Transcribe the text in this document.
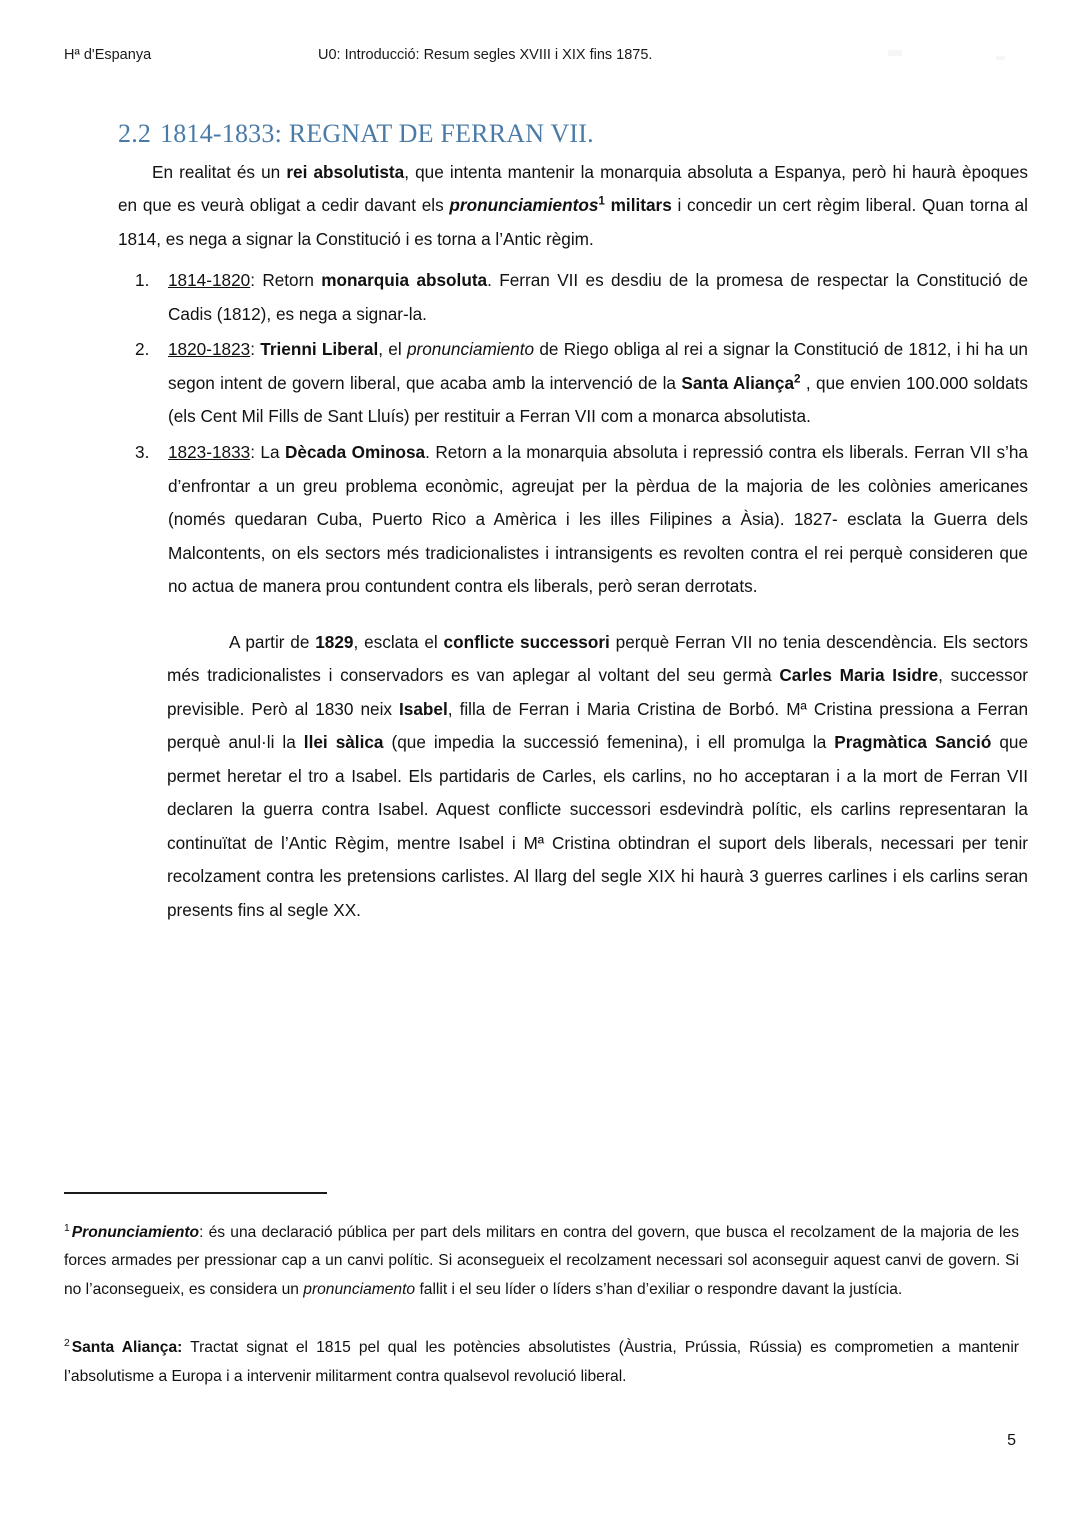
Hª d'Espanya	U0: Introducció: Resum segles XVIII i XIX fins 1875.
2.2 1814-1833: REGNAT DE FERRAN VII.

En realitat és un rei absolutista, que intenta mantenir la monarquia absoluta a Espanya, però hi haurà èpoques en que es veurà obligat a cedir davant els pronunciamientos$^1$ militars i concedir un cert règim liberal. Quan torna al 1814, es nega a signar la Constitució i es torna a l’Antic règim.

1814-1820: Retorn monarquia absoluta. Ferran VII es desdiu de la promesa de respectar la Constitució de Cadis (1812), es nega a signar-la.
1820-1823: Trienni Liberal, el pronunciamiento de Riego obliga al rei a signar la Constitució de 1812, i hi ha un segon intent de govern liberal, que acaba amb la intervenció de la Santa Aliança$^2$ , que envien 100.000 soldats (els Cent Mil Fills de Sant Lluís) per restituir a Ferran VII com a monarca absolutista.
1823-1833: La Dècada Ominosa. Retorn a la monarquia absoluta i repressió contra els liberals. Ferran VII s’ha d’enfrontar a un greu problema econòmic, agreujat per la pèrdua de la majoria de les colònies americanes (només quedaran Cuba, Puerto Rico a Amèrica i les illes Filipines a Àsia). 1827- esclata la Guerra dels Malcontents, on els sectors més tradicionalistes i intransigents es revolten contra el rei perquè consideren que no actua de manera prou contundent contra els liberals, però seran derrotats.

A partir de 1829, esclata el conflicte successori perquè Ferran VII no tenia descendència. Els sectors més tradicionalistes i conservadors es van aplegar al voltant del seu germà Carles Maria Isidre, successor previsible. Però al 1830 neix Isabel, filla de Ferran i Maria Cristina de Borbó. Mª Cristina pressiona a Ferran perquè anul·li la llei sàlica (que impedia la successió femenina), i ell promulga la Pragmàtica Sanció que permet heretar el tro a Isabel. Els partidaris de Carles, els carlins, no ho acceptaran i a la mort de Ferran VII declaren la guerra contra Isabel. Aquest conflicte successori esdevindrà polític, els carlins representaran la continuïtat de l’Antic Règim, mentre Isabel i Mª Cristina obtindran el suport dels liberals, necessari per tenir recolzament contra les pretensions carlistes. Al llarg del segle XIX hi haurà 3 guerres carlines i els carlins seran presents fins al segle XX.

$^1$ Pronunciamiento: és una declaració pública per part dels militars en contra del govern, que busca el recolzament de la majoria de les forces armades per pressionar cap a un canvi polític. Si aconsegueix el recolzament necessari sol aconseguir aquest canvi de govern. Si no l’aconsegueix, es considera un pronunciamento fallit i el seu líder o líders s’han d’exiliar o respondre davant la justícia.

$^2$ Santa Aliança: Tractat signat el 1815 pel qual les potències absolutistes (Àustria, Prússia, Rússia) es comprometien a mantenir l’absolutisme a Europa i a intervenir militarment contra qualsevol revolució liberal.

5
